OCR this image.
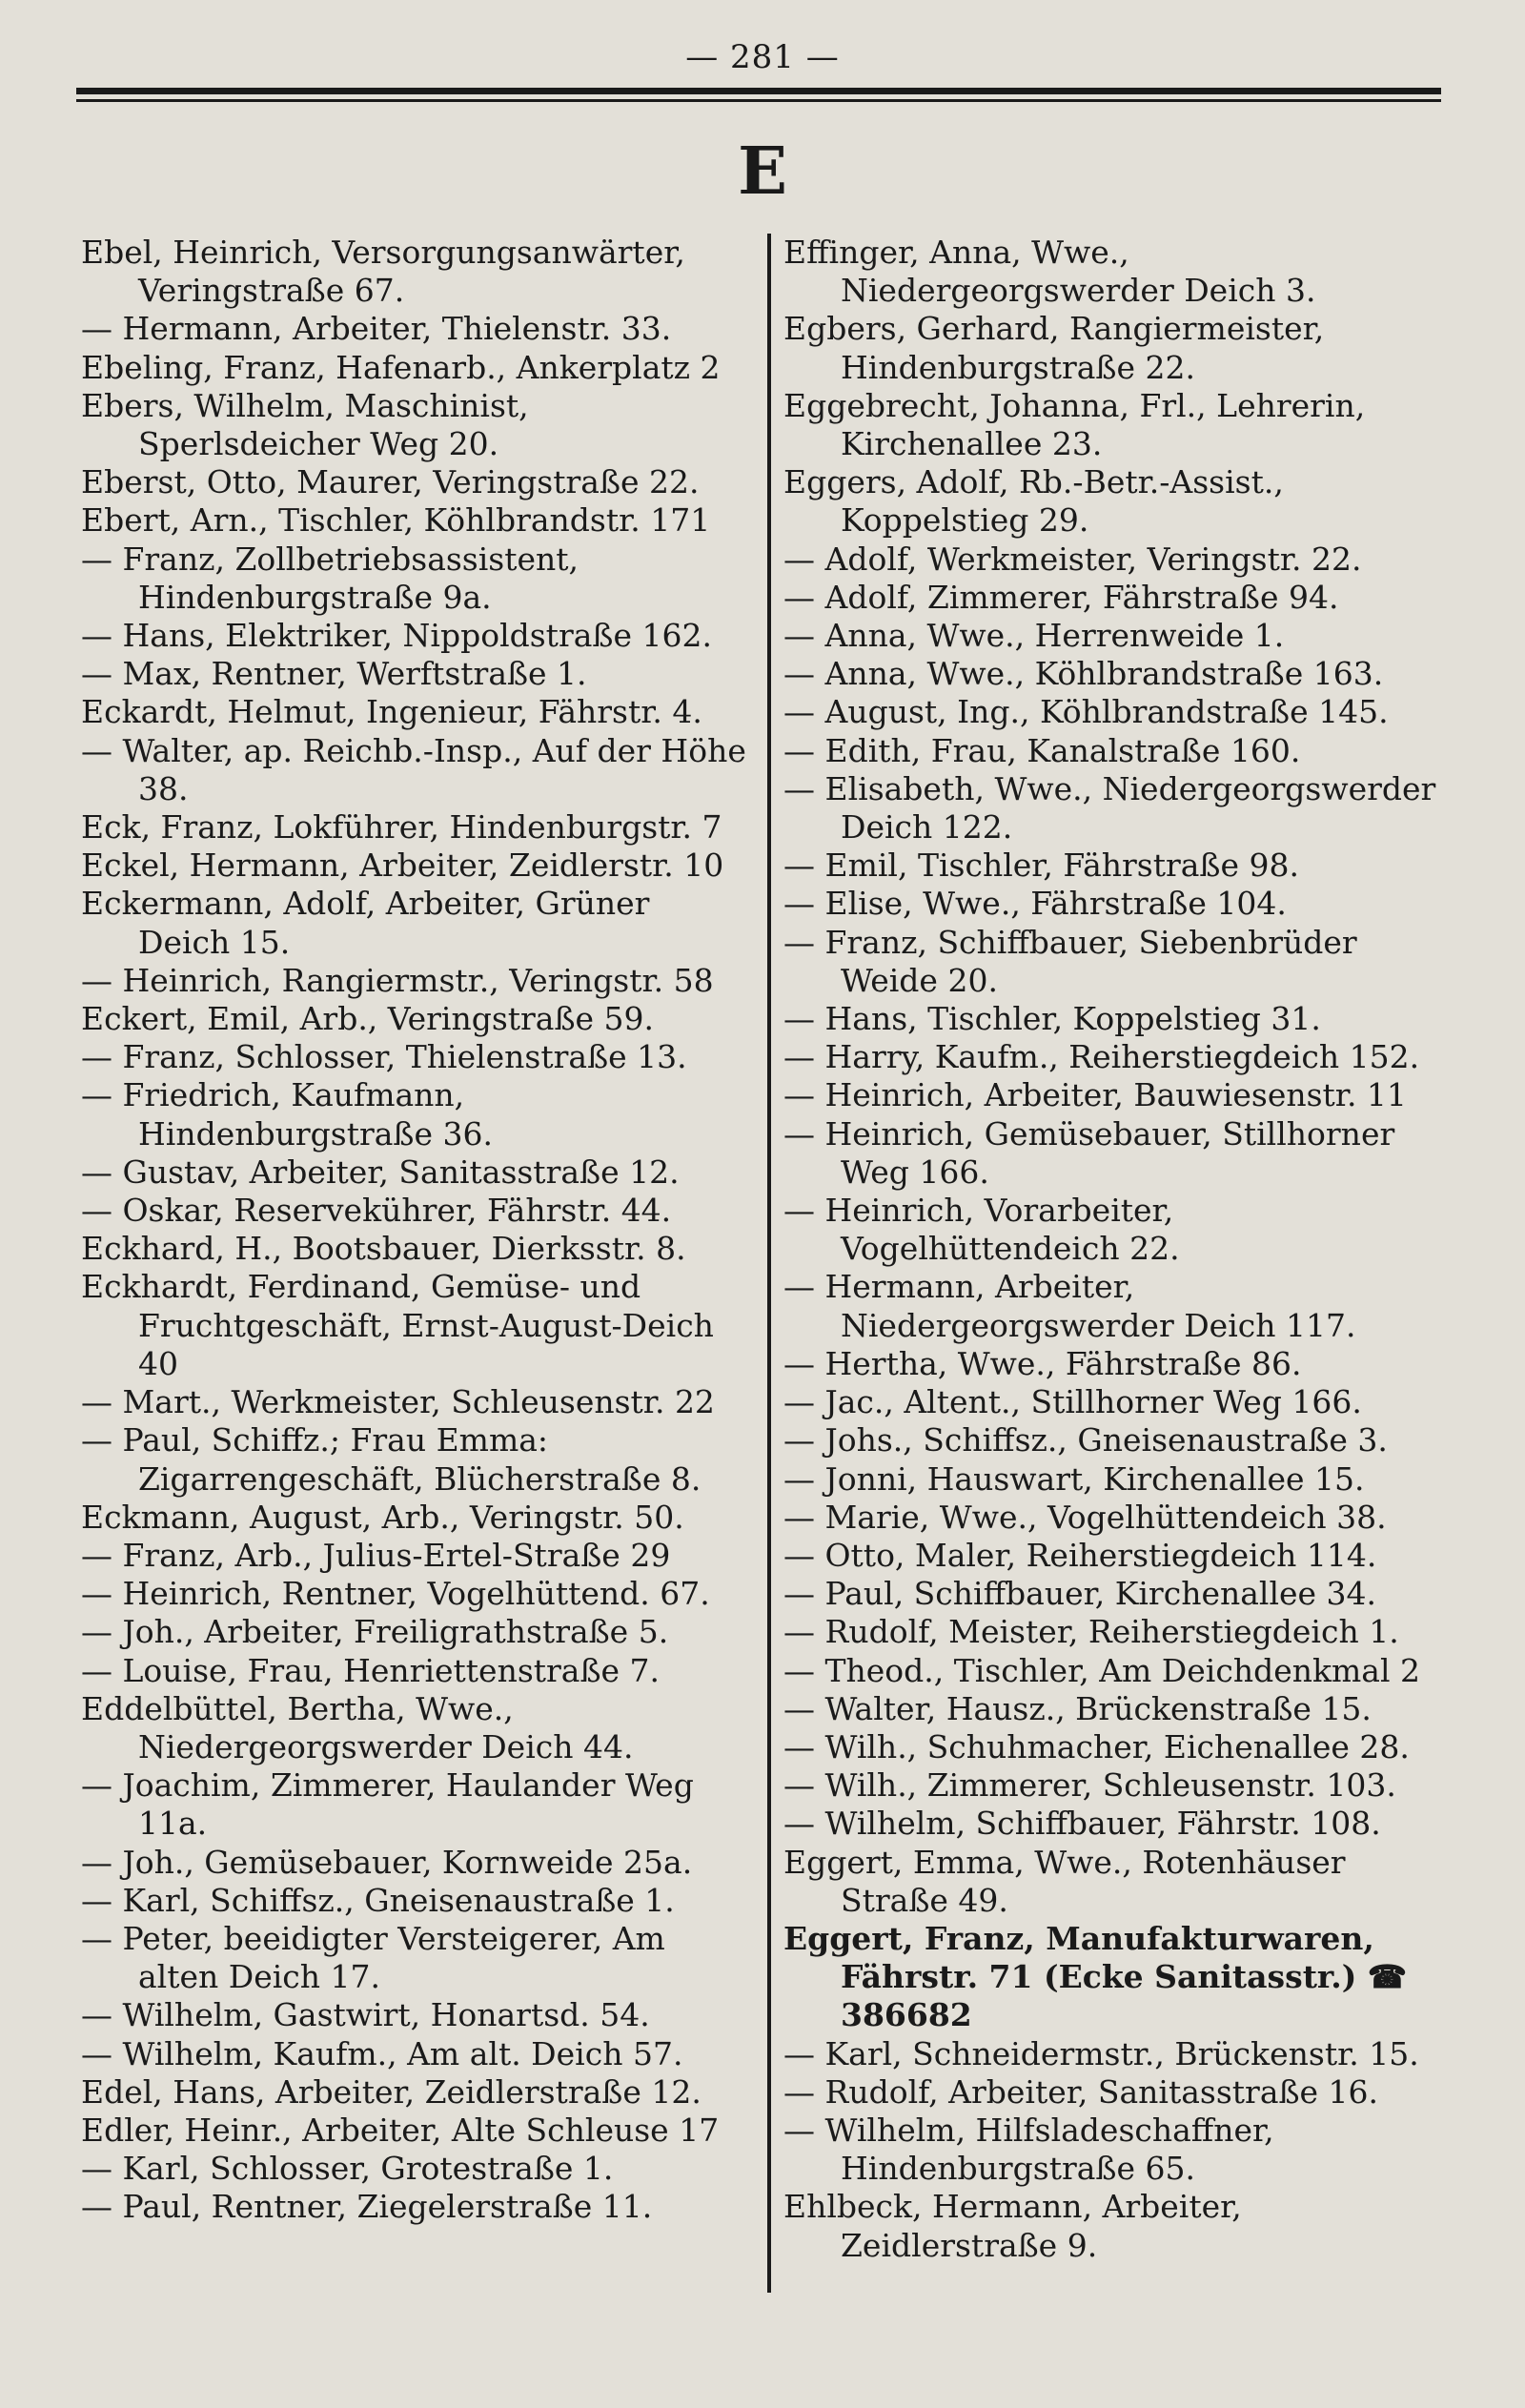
— 281 —
E

Ebel, Heinrich, Versorgungsanwärter, Veringstraße 67.

— Hermann, Arbeiter, Thielenstr. 33.

Ebeling, Franz, Hafenarb., Ankerplatz 2

Ebers, Wilhelm, Maschinist, Sperlsdeicher Weg 20.

Eberst, Otto, Maurer, Veringstraße 22.

Ebert, Arn., Tischler, Köhlbrandstr. 171

— Franz, Zollbetriebsassistent, Hindenburgstraße 9a.

— Hans, Elektriker, Nippoldstraße 162.

— Max, Rentner, Werftstraße 1.

Eckardt, Helmut, Ingenieur, Fährstr. 4.

— Walter, ap. Reichb.-Insp., Auf der Höhe 38.

Eck, Franz, Lokführer, Hindenburgstr. 7

Eckel, Hermann, Arbeiter, Zeidlerstr. 10

Eckermann, Adolf, Arbeiter, Grüner Deich 15.

— Heinrich, Rangiermstr., Veringstr. 58

Eckert, Emil, Arb., Veringstraße 59.

— Franz, Schlosser, Thielenstraße 13.

— Friedrich, Kaufmann, Hindenburgstraße 36.

— Gustav, Arbeiter, Sanitasstraße 12.

— Oskar, Reservekührer, Fährstr. 44.

Eckhard, H., Bootsbauer, Dierksstr. 8.

Eckhardt, Ferdinand, Gemüse- und Fruchtgeschäft, Ernst-August-Deich 40

— Mart., Werkmeister, Schleusenstr. 22

— Paul, Schiffz.; Frau Emma: Zigarrengeschäft, Blücherstraße 8.

Eckmann, August, Arb., Veringstr. 50.

— Franz, Arb., Julius-Ertel-Straße 29

— Heinrich, Rentner, Vogelhüttend. 67.

— Joh., Arbeiter, Freiligrathstraße 5.

— Louise, Frau, Henriettenstraße 7.

Eddelbüttel, Bertha, Wwe., Niedergeorgswerder Deich 44.

— Joachim, Zimmerer, Haulander Weg 11a.

— Joh., Gemüsebauer, Kornweide 25a.

— Karl, Schiffsz., Gneisenaustraße 1.

— Peter, beeidigter Versteigerer, Am alten Deich 17.

— Wilhelm, Gastwirt, Honartsd. 54.

— Wilhelm, Kaufm., Am alt. Deich 57.

Edel, Hans, Arbeiter, Zeidlerstraße 12.

Edler, Heinr., Arbeiter, Alte Schleuse 17

— Karl, Schlosser, Grotestraße 1.

— Paul, Rentner, Ziegelerstraße 11.

Effinger, Anna, Wwe., Niedergeorgswerder Deich 3.

Egbers, Gerhard, Rangiermeister, Hindenburgstraße 22.

Eggebrecht, Johanna, Frl., Lehrerin, Kirchenallee 23.

Eggers, Adolf, Rb.-Betr.-Assist., Koppelstieg 29.

— Adolf, Werkmeister, Veringstr. 22.

— Adolf, Zimmerer, Fährstraße 94.

— Anna, Wwe., Herrenweide 1.

— Anna, Wwe., Köhlbrandstraße 163.

— August, Ing., Köhlbrandstraße 145.

— Edith, Frau, Kanalstraße 160.

— Elisabeth, Wwe., Niedergeorgswerder Deich 122.

— Emil, Tischler, Fährstraße 98.

— Elise, Wwe., Fährstraße 104.

— Franz, Schiffbauer, Siebenbrüder Weide 20.

— Hans, Tischler, Koppelstieg 31.

— Harry, Kaufm., Reiherstiegdeich 152.

— Heinrich, Arbeiter, Bauwiesenstr. 11

— Heinrich, Gemüsebauer, Stillhorner Weg 166.

— Heinrich, Vorarbeiter, Vogelhüttendeich 22.

— Hermann, Arbeiter, Niedergeorgswerder Deich 117.

— Hertha, Wwe., Fährstraße 86.

— Jac., Altent., Stillhorner Weg 166.

— Johs., Schiffsz., Gneisenaustraße 3.

— Jonni, Hauswart, Kirchenallee 15.

— Marie, Wwe., Vogelhüttendeich 38.

— Otto, Maler, Reiherstiegdeich 114.

— Paul, Schiffbauer, Kirchenallee 34.

— Rudolf, Meister, Reiherstiegdeich 1.

— Theod., Tischler, Am Deichdenkmal 2

— Walter, Hausz., Brückenstraße 15.

— Wilh., Schuhmacher, Eichenallee 28.

— Wilh., Zimmerer, Schleusenstr. 103.

— Wilhelm, Schiffbauer, Fährstr. 108.

Eggert, Emma, Wwe., Rotenhäuser Straße 49.

Eggert, Franz, Manufakturwaren, Fährstr. 71 (Ecke Sanitasstr.) ☎ 386682

— Karl, Schneidermstr., Brückenstr. 15.

— Rudolf, Arbeiter, Sanitasstraße 16.

— Wilhelm, Hilfsladeschaffner, Hindenburgstraße 65.

Ehlbeck, Hermann, Arbeiter, Zeidlerstraße 9.
